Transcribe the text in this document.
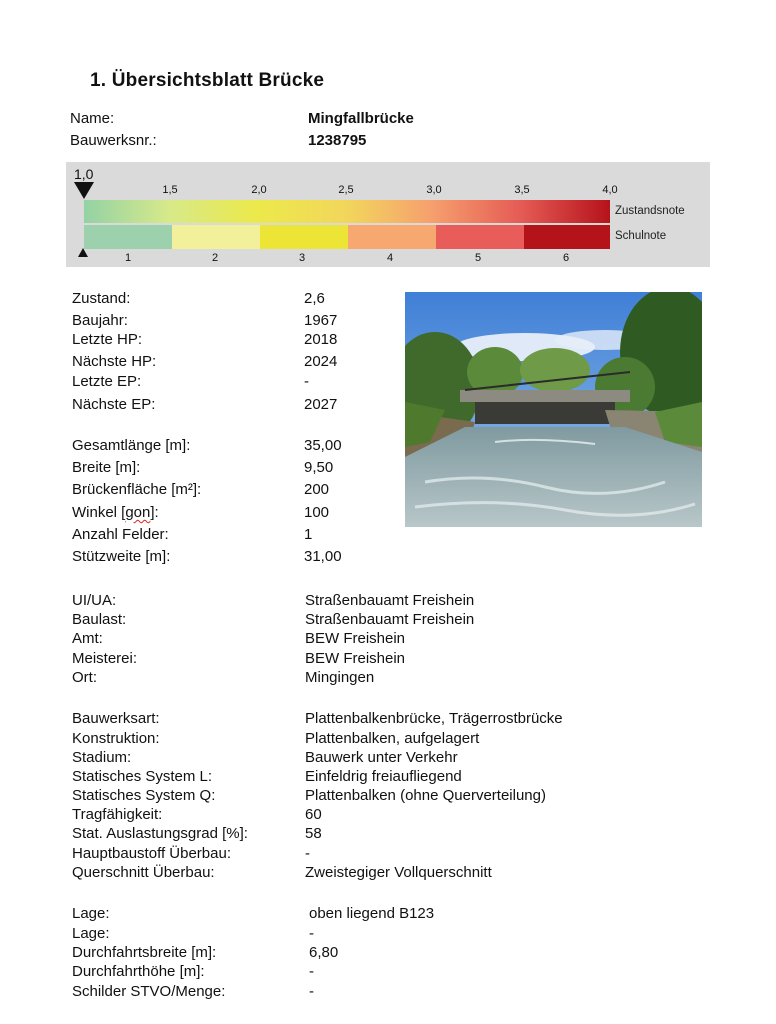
1. Übersichtsblatt Brücke
Name:	Mingfallbrücke
Bauwerksnr.:	1238795
1,0
1,5	2,0	2,5	3,0	3,5	4,0
Zustandsnote
Schulnote
1	2	3	4	5	6
Zustand:	2,6
Baujahr:	1967
Letzte HP:	2018
Nächste HP:	2024
Letzte EP:	-
Nächste EP:	2027
Gesamtlänge [m]:	35,00
Breite [m]:	9,50
Brückenfläche [m²]:	200
Winkel [gon]:	100
Anzahl Felder:	1
Stützweite [m]:	31,00
UI/UA:	Straßenbauamt Freishein
Baulast:	Straßenbauamt Freishein
Amt:	BEW Freishein
Meisterei:	BEW Freishein
Ort:	Mingingen
Bauwerksart:	Plattenbalkenbrücke, Trägerrostbrücke
Konstruktion:	Plattenbalken, aufgelagert
Stadium:	Bauwerk unter Verkehr
Statisches System L:	Einfeldrig freiaufliegend
Statisches System Q:	Plattenbalken (ohne Querverteilung)
Tragfähigkeit:	60
Stat. Auslastungsgrad [%]:	58
Hauptbaustoff Überbau:	-
Querschnitt Überbau:	Zweistegiger Vollquerschnitt
Lage:	oben liegend B123
Lage:	-
Durchfahrtsbreite [m]:	6,80
Durchfahrthöhe [m]:	-
Schilder STVO/Menge:	-
